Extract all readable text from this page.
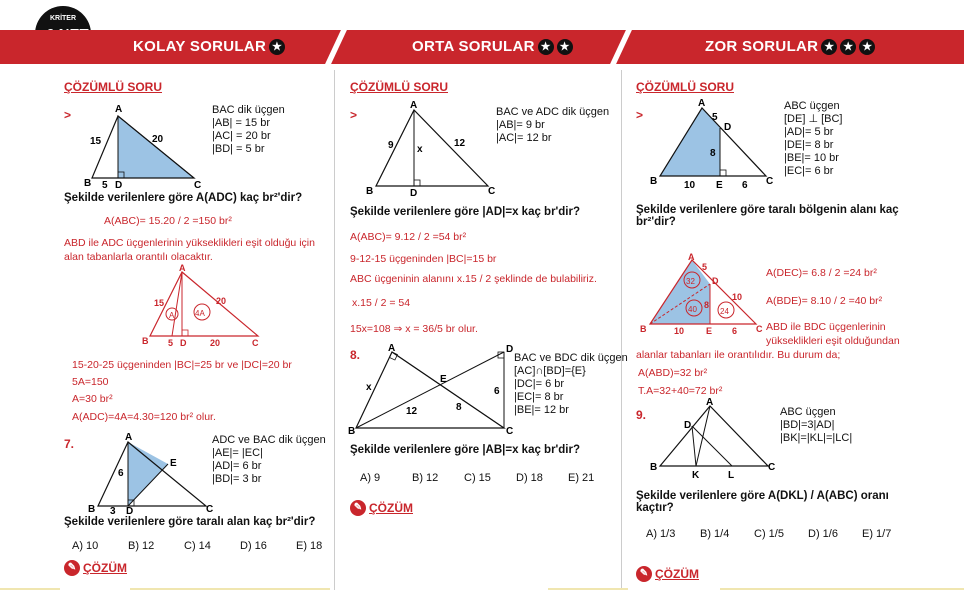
KRİTER
KOLAY SORULAR ★	ORTA SORULAR ★ ★	ZOR SORULAR ★ ★ ★
ÇÖZÜMLÜ SORU
>	A
B D	C
15	20
5
BAC dik üçgen
|AB| = 15 br
|AC| = 20 br
|BD| = 5 br
Şekilde verilenlere göre A(ADC) kaç br²'dir?
A(ABC)= 15.20 / 2 =150 br²
ABD ile ADC üçgenlerinin yükseklikleri eşit olduğu için alan tabanlarla orantılı olacaktır.
A	4A
A
B 5 D	20	C
15	20
15-20-25 üçgeninden |BC|=25 br ve |DC|=20 br
5A=150
A=30 br²
A(ADC)=4A=4.30=120 br² olur.
7.	A
B	D	C
E
6
3
ADC ve BAC dik üçgen
|AE|= |EC|
|AD|= 6 br
|BD|= 3 br
Şekilde verilenlere göre taralı alan kaç br²'dir?
A) 10	B) 12	C) 14	D) 16	E) 18
✎ ÇÖZÜM
ÇÖZÜMLÜ SORU
>
A
B	D	C
9	12
x
BAC ve ADC dik üçgen
|AB|= 9 br
|AC|= 12 br
Şekilde verilenlere göre |AD|=x kaç br'dir?
A(ABC)= 9.12 / 2 =54 br²
9-12-15 üçgeninden |BC|=15 br
ABC üçgeninin alanını x.15 / 2 şeklinde de bulabiliriz.
x.15 / 2 = 54
15x=108 ⇒ x = 36/5 br olur.
8.	A
B
D
C
E
x
12	8
6
BAC ve BDC dik üçgen
[AC]∩[BD]={E}
|DC|= 6 br
|EC|= 8 br
|BE|= 12 br
Şekilde verilenlere göre |AB|=x kaç br'dir?
A) 9	B) 12	C) 15	D) 18	E) 21
✎ ÇÖZÜM
ÇÖZÜMLÜ SORU
>
A
B
D
E	C
5
8
10	6
ABC üçgen
[DE] ⊥ [BC]
|AD|= 5 br
|DE|= 8 br
|BE|= 10 br
|EC|= 6 br
Şekilde verilenlere göre taralı bölgenin alanı kaç br²'dir?
32
40	24
A
B
D
E	C
5
8
10	6
10
A(DEC)= 6.8 / 2 =24 br²
A(BDE)= 8.10 / 2 =40 br²
ABD ile BDC üçgenlerinin yükseklikleri eşit olduğundan
alanlar tabanları ile orantılıdır. Bu durum da;
A(ABD)=32 br²
T.A=32+40=72 br²
9.
A
B
D
K	L
C
ABC üçgen
|BD|=3|AD|
|BK|=|KL|=|LC|
Şekilde verilenlere göre A(DKL) / A(ABC) oranı kaçtır?
A) 1/3	B) 1/4	C) 1/5	D) 1/6	E) 1/7
✎ ÇÖZÜM
